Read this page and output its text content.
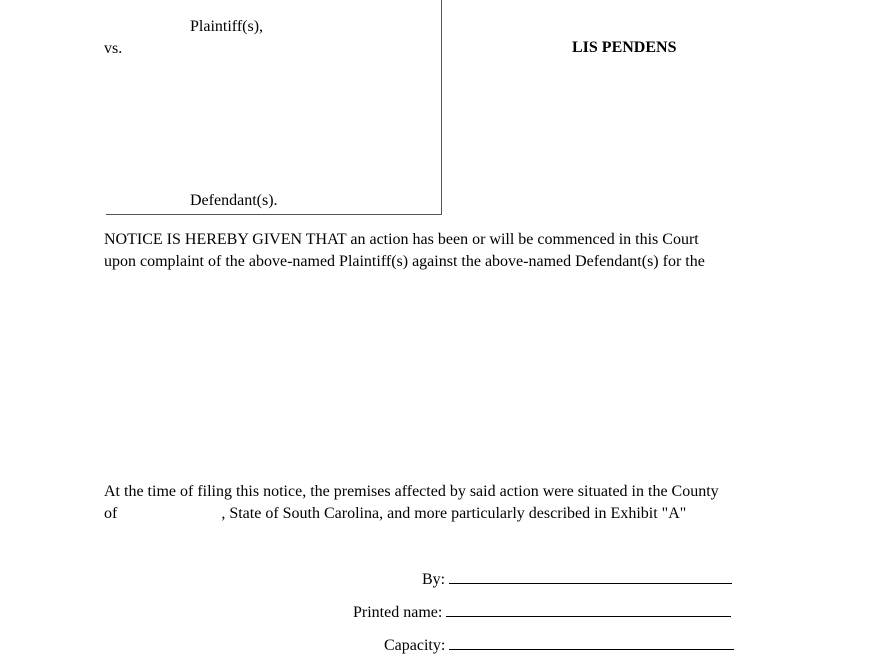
Plaintiff(s),
vs.
Defendant(s).
LIS PENDENS
NOTICE IS HEREBY GIVEN THAT an action has been or will be commenced in this Court
upon complaint of the above-named Plaintiff(s) against the above-named Defendant(s) for the
At the time of filing this notice, the premises affected by said action were situated in the County
of	, State of South Carolina, and more particularly described in Exhibit "A"
By:
Printed name:
Capacity:
